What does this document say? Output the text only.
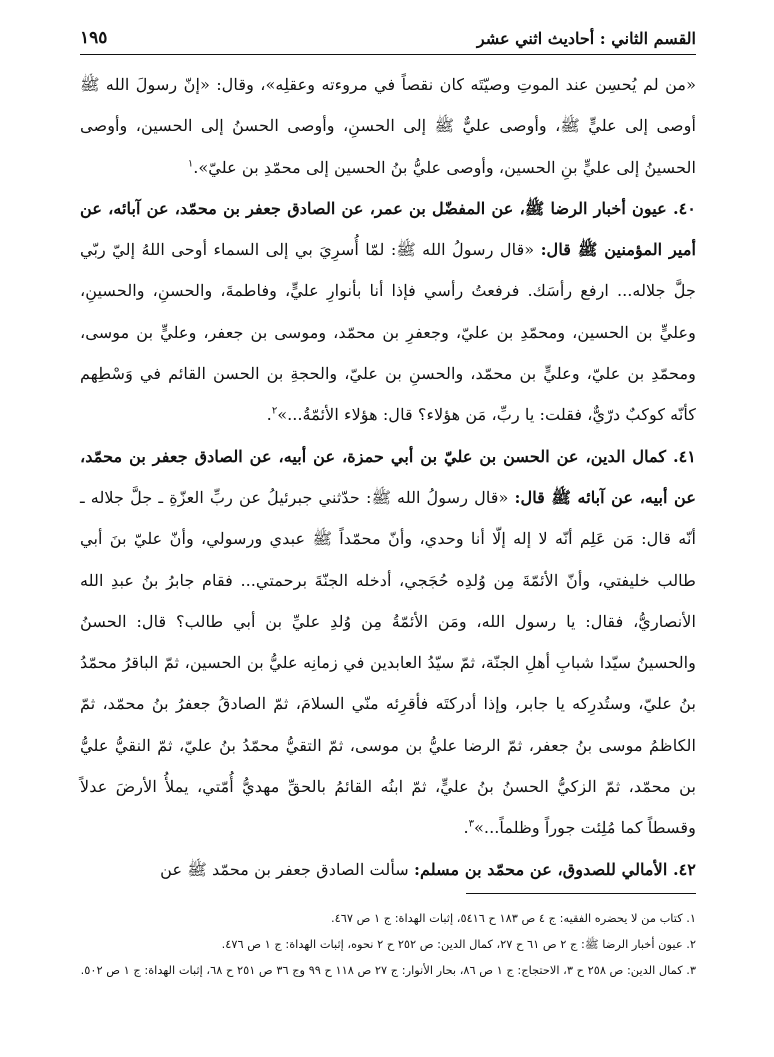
القسم الثاني : أحاديث اثني عشر
١٩٥

«من لم يُحسِن عند الموتِ وصيّتَه كان نقصاً في مروءته وعقلِه»، وقال: «إنّ رسولَ الله ﷺ أوصى إلى عليٍّ ﷺ، وأوصى عليٌّ ﷺ إلى الحسنِ، وأوصى الحسنُ إلى الحسين، وأوصى الحسينُ إلى عليٍّ بنِ الحسين، وأوصى عليُّ بنُ الحسين إلى محمّدِ بن عليّ».$^١$

٤٠. عيون أخبار الرضا ﷺ، عن المفضّل بن عمر، عن الصادق جعفر بن محمّد، عن آبائه، عن أمير المؤمنين ﷺ قال: «قال رسولُ الله ﷺ: لمّا أُسرِيَ بي إلى السماء أوحى اللهُ إليّ ربّي جلَّ جلاله... ارفع رأسَك. فرفعتُ رأسي فإذا أنا بأنوارِ عليٍّ، وفاطمةَ، والحسنِ، والحسينِ، وعليٍّ بن الحسين، ومحمّدِ بن عليّ، وجعفرِ بن محمّد، وموسى بن جعفر، وعليٍّ بن موسى، ومحمّدِ بن عليّ، وعليٍّ بن محمّد، والحسنِ بن عليّ، والحجةِ بن الحسن القائم في وَسْطِهم كأنّه كوكبٌ درّيٌّ، فقلت: يا ربِّ، مَن هؤلاء؟ قال: هؤلاء الأئمّةُ...»$^٢$.

٤١. كمال الدين، عن الحسن بن عليّ بن أبي حمزة، عن أبيه، عن الصادق جعفر بن محمّد، عن أبيه، عن آبائه ﷺ قال: «قال رسولُ الله ﷺ: حدّثني جبرئيلُ عن ربِّ العزّةِ ـ جلَّ جلاله ـ أنّه قال: مَن عَلِم أنّه لا إله إلّا أنا وحدي، وأنّ محمّداً ﷺ عبدي ورسولي، وأنّ عليّ بنَ أبي طالب خليفتي، وأنّ الأئمّةَ مِن وُلدِه حُجَجي، أدخله الجنّةَ برحمتي... فقام جابرُ بنُ عبدِ الله الأنصاريُّ، فقال: يا رسول الله، ومَن الأئمّةُ مِن وُلدِ عليِّ بن أبي طالب؟ قال: الحسنُ والحسينُ سيّدا شبابِ أهلِ الجنّة، ثمّ سيّدُ العابدين في زمانِه عليُّ بن الحسين، ثمّ الباقرُ محمّدُ بنُ عليّ، وستُدرِكه يا جابر، وإذا أدركتَه فأقرِئه منّي السلامَ، ثمّ الصادقُ جعفرُ بنُ محمّد، ثمّ الكاظمُ موسى بنُ جعفر، ثمّ الرضا عليُّ بن موسى، ثمّ التقيُّ محمّدُ بنُ عليّ، ثمّ النقيُّ عليُّ بن محمّد، ثمّ الزكيُّ الحسنُ بنُ عليٍّ، ثمّ ابنُه القائمُ بالحقِّ مهديُّ أُمّتي، يملأُ الأرضَ عدلاً وقسطاً كما مُلِئت جوراً وظلماً...»$^٣$.

٤٢. الأمالي للصدوق، عن محمّد بن مسلم: سألت الصادق جعفر بن محمّد ﷺ عن

١. كتاب من لا يحضره الفقيه: ج ٤ ص ١٨٣ ح ٥٤١٦، إثبات الهداة: ج ١ ص ٤٦٧.

٢. عيون أخبار الرضا ﷺ: ج ٢ ص ٦١ ح ٢٧، كمال الدين: ص ٢٥٢ ح ٢ نحوه، إثبات الهداة: ج ١ ص ٤٧٦.

٣. كمال الدين: ص ٢٥٨ ح ٣، الاحتجاج: ج ١ ص ٨٦، بحار الأنوار: ج ٢٧ ص ١١٨ ح ٩٩ وج ٣٦ ص ٢٥١ ح ٦٨، إثبات الهداة: ج ١ ص ٥٠٢.
